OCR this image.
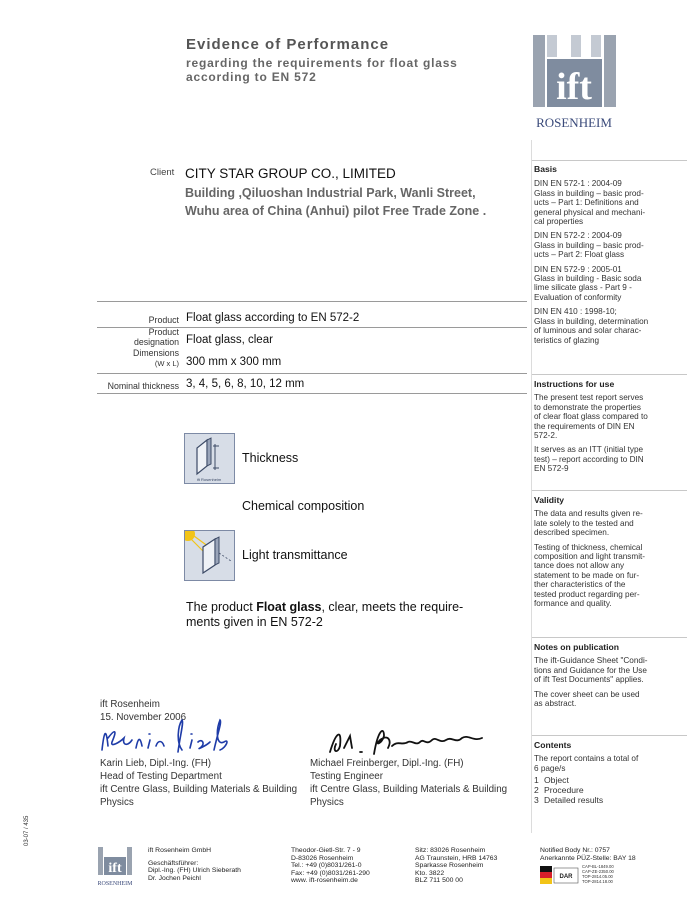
Evidence of Performance
regarding the requirements for float glass
according to EN 572	ift
ROSENHEIM
Client CITY STAR GROUP CO., LIMITED
Building ,Qiluoshan Industrial Park, Wanli Street,
Wuhu area of China (Anhui) pilot Free Trade Zone .
Product Float glass according to EN 572-2
Product
designation Float glass, clear
Dimensions
(W x L) 300 mm x 300 mm
Nominal thickness 3, 4, 5, 6, 8, 10, 12 mm
ift Rosenheim
Thickness
Chemical composition
Light transmittance
The product Float glass, clear, meets the require-
ments given in EN 572-2
ift Rosenheim
15. November 2006
Karin Lieb, Dipl.-Ing. (FH)
Head of Testing Department
ift Centre Glass, Building Materials & Building
Physics
Michael Freinberger, Dipl.-Ing. (FH)
Testing Engineer
ift Centre Glass, Building Materials & Building
Physics
Basis
DIN EN 572-1 : 2004-09
Glass in building – basic prod-
ucts – Part 1: Definitions and
general physical and mechani-
cal properties
DIN EN 572-2 : 2004-09
Glass in building – basic prod-
ucts – Part 2: Float glass
DIN EN 572-9 : 2005-01
Glass in building - Basic soda
lime silicate glass - Part 9 -
Evaluation of conformity
DIN EN 410 : 1998-10;
Glass in building, determination
of luminous and solar charac-
teristics of glazing
Instructions for use
The present test report serves
to demonstrate the properties
of clear float glass compared to
the requirements of DIN EN
572-2.
It serves as an ITT (initial type
test) – report according to DIN
EN 572-9
Validity
The data and results given re-
late solely to the tested and
described specimen.
Testing of thickness, chemical
composition and light transmit-
tance does not allow any
statement to be made on fur-
ther characteristics of the
tested product regarding per-
formance and quality.
Notes on publication
The ift-Guidance Sheet "Condi-
tions and Guidance for the Use
of ift Test Documents" applies.
The cover sheet can be used
as abstract.
Contents
The report contains a total of
6 page/s
1 Object
2 Procedure
3 Detailed results
03-07 / 435
ift
ROSENHEIM
ift Rosenheim GmbH
Geschäftsführer:
Dipl.-Ing. (FH) Ulrich Sieberath
Dr. Jochen Peichl
Theodor-Gietl-Str. 7 - 9
D-83026 Rosenheim
Tel.: +49 (0)8031/261-0
Fax: +49 (0)8031/261-290
www. ift-rosenheim.de
Sitz: 83026 Rosenheim
AG Traunstein, HRB 14763
Sparkasse Rosenheim
Kto. 3822
BLZ 711 500 00
Notified Body Nr.: 0757
Anerkannte PÜZ-Stelle: BAY 18
DAR
CAP-BL-1849.00
CAP-ZE-2350.00
TOP-2814.05.00
TOP-2814.18.00
